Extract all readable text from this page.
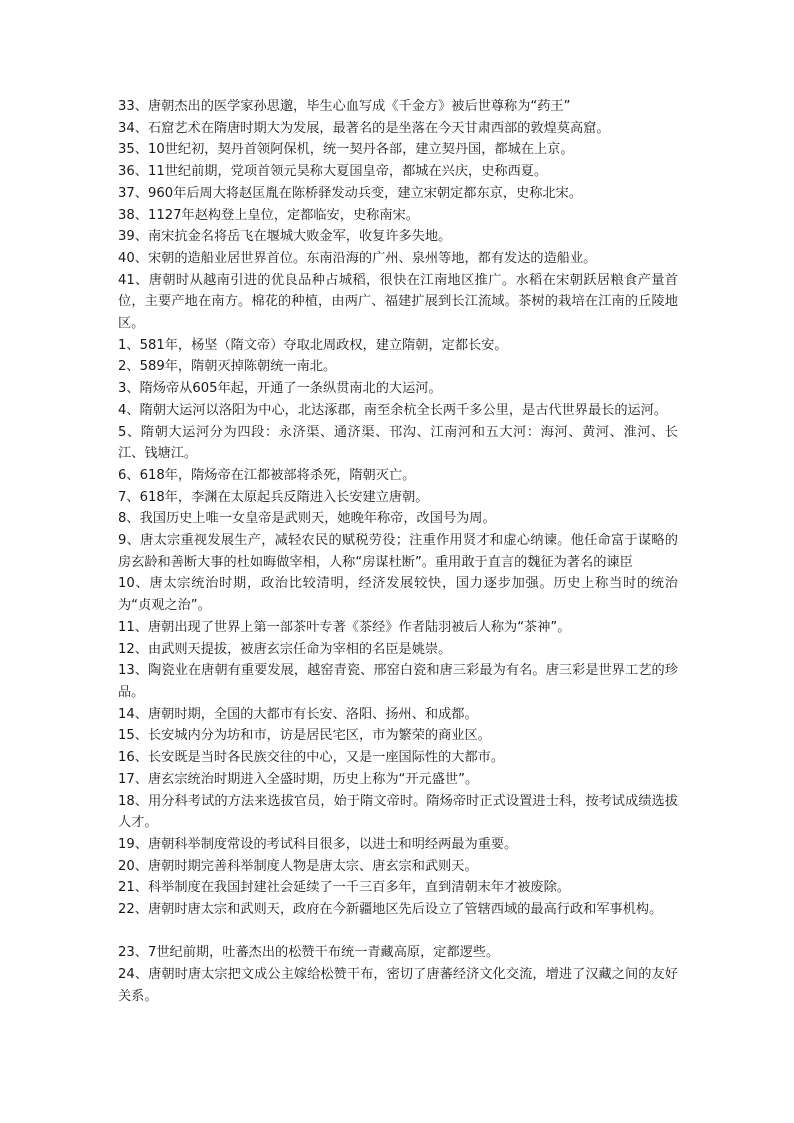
33、唐朝杰出的医学家孙思邈，毕生心血写成《千金方》被后世尊称为“药王”

34、石窟艺术在隋唐时期大为发展，最著名的是坐落在今天甘肃西部的敦煌莫高窟。

35、10世纪初，契丹首领阿保机，统一契丹各部，建立契丹国，都城在上京。

36、11世纪前期，党项首领元昊称大夏国皇帝，都城在兴庆，史称西夏。

37、960年后周大将赵匡胤在陈桥驿发动兵变，建立宋朝定都东京，史称北宋。

38、1127年赵构登上皇位，定都临安，史称南宋。

39、南宋抗金名将岳飞在堰城大败金军，收复许多失地。

40、宋朝的造船业居世界首位。东南沿海的广州、泉州等地，都有发达的造船业。

41、唐朝时从越南引进的优良品种占城稻，很快在江南地区推广。水稻在宋朝跃居粮食产量首位，主要产地在南方。棉花的种植，由两广、福建扩展到长江流域。茶树的栽培在江南的丘陵地区。

1、581年，杨坚（隋文帝）夺取北周政权，建立隋朝，定都长安。

2、589年，隋朝灭掉陈朝统一南北。

3、隋炀帝从605年起，开通了一条纵贯南北的大运河。

4、隋朝大运河以洛阳为中心，北达涿郡，南至余杭全长两千多公里，是古代世界最长的运河。

5、隋朝大运河分为四段：永济渠、通济渠、邗沟、江南河和五大河：海河、黄河、淮河、长江、钱塘江。

6、618年，隋炀帝在江都被部将杀死，隋朝灭亡。

7、618年，李渊在太原起兵反隋进入长安建立唐朝。

8、我国历史上唯一女皇帝是武则天，她晚年称帝，改国号为周。

9、唐太宗重视发展生产，减轻农民的赋税劳役；注重作用贤才和虚心纳谏。他任命富于谋略的房玄龄和善断大事的杜如晦做宰相，人称“房谋杜断”。重用敢于直言的魏征为著名的谏臣

10、唐太宗统治时期，政治比较清明，经济发展较快，国力逐步加强。历史上称当时的统治为“贞观之治”。

11、唐朝出现了世界上第一部茶叶专著《茶经》作者陆羽被后人称为“茶神”。

12、由武则天提拔，被唐玄宗任命为宰相的名臣是姚崇。

13、陶瓷业在唐朝有重要发展，越窑青瓷、邢窑白瓷和唐三彩最为有名。唐三彩是世界工艺的珍品。

14、唐朝时期，全国的大都市有长安、洛阳、扬州、和成都。

15、长安城内分为坊和市，访是居民宅区，市为繁荣的商业区。

16、长安既是当时各民族交往的中心，又是一座国际性的大都市。

17、唐玄宗统治时期进入全盛时期，历史上称为“开元盛世”。

18、用分科考试的方法来选拔官员，始于隋文帝时。隋炀帝时正式设置进士科，按考试成绩选拔人才。

19、唐朝科举制度常设的考试科目很多，以进士和明经两最为重要。

20、唐朝时期完善科举制度人物是唐太宗、唐玄宗和武则天。

21、科举制度在我国封建社会延续了一千三百多年，直到清朝末年才被废除。

22、唐朝时唐太宗和武则天，政府在今新疆地区先后设立了管辖西域的最高行政和军事机构。

23、7世纪前期，吐蕃杰出的松赞干布统一青藏高原，定都逻些。

24、唐朝时唐太宗把文成公主嫁给松赞干布，密切了唐蕃经济文化交流，增进了汉藏之间的友好关系。
